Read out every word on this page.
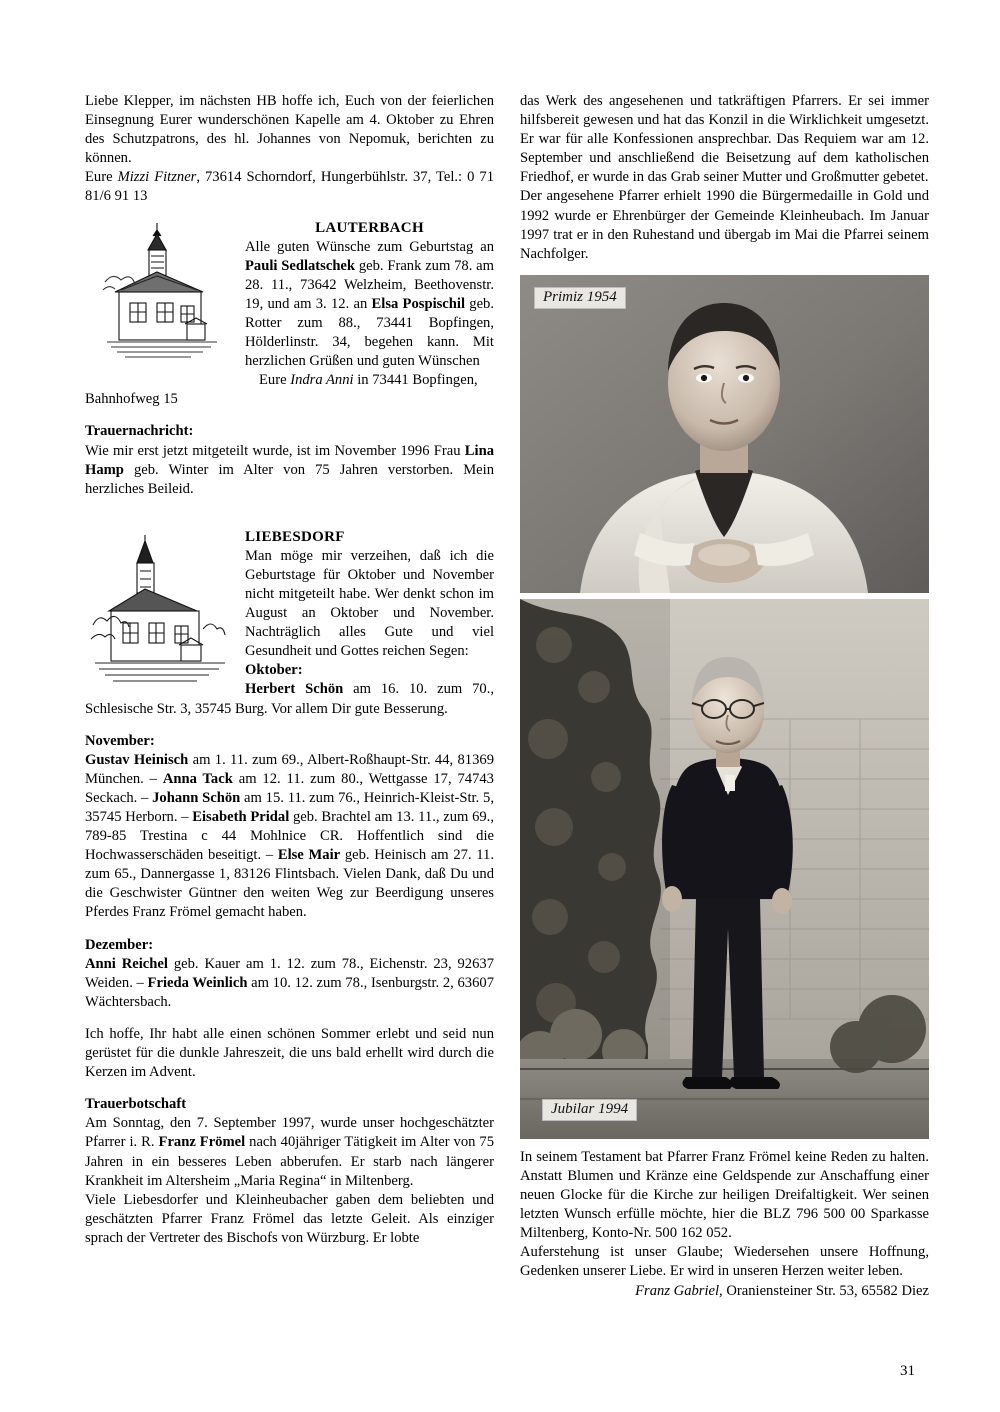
Liebe Klepper, im nächsten HB hoffe ich, Euch von der feierlichen Einsegnung Eurer wunderschönen Kapelle am 4. Oktober zu Ehren des Schutzpatrons, des hl. Johannes von Nepomuk, berichten zu können.

Eure Mizzi Fitzner, 73614 Schorndorf, Hungerbühlstr. 37, Tel.: 0 71 81/6 91 13

LAUTERBACH

Alle guten Wünsche zum Geburtstag an Pauli Sedlatschek geb. Frank zum 78. am 28. 11., 73642 Welzheim, Beethovenstr. 19, und am 3. 12. an Elsa Pospischil geb. Rotter zum 88., 73441 Bopfingen, Hölderlinstr. 34, begehen kann. Mit herzlichen Grüßen und guten Wünschen

Eure Indra Anni in 73441 Bopfingen,

Bahnhofweg 15

Trauernachricht:

Wie mir erst jetzt mitgeteilt wurde, ist im November 1996 Frau Lina Hamp geb. Winter im Alter von 75 Jahren verstorben. Mein herzliches Beileid.

LIEBESDORF

Man möge mir verzeihen, daß ich die Geburtstage für Oktober und November nicht mitgeteilt habe. Wer denkt schon im August an Oktober und November. Nachträglich alles Gute und viel Gesundheit und Gottes reichen Segen:

Oktober:

Herbert Schön am 16. 10. zum 70., Schlesische Str. 3, 35745 Burg. Vor allem Dir gute Besserung.

November:

Gustav Heinisch am 1. 11. zum 69., Albert-Roßhaupt-Str. 44, 81369 München. – Anna Tack am 12. 11. zum 80., Wettgasse 17, 74743 Seckach. – Johann Schön am 15. 11. zum 76., Heinrich-Kleist-Str. 5, 35745 Herborn. – Eisabeth Pridal geb. Brachtel am 13. 11., zum 69., 789-85 Trestina c 44 Mohlnice CR. Hoffentlich sind die Hochwasserschäden beseitigt. – Else Mair geb. Heinisch am 27. 11. zum 65., Dannergasse 1, 83126 Flintsbach. Vielen Dank, daß Du und die Geschwister Güntner den weiten Weg zur Beerdigung unseres Pferdes Franz Frömel gemacht haben.

Dezember:

Anni Reichel geb. Kauer am 1. 12. zum 78., Eichenstr. 23, 92637 Weiden. – Frieda Weinlich am 10. 12. zum 78., Isenburgstr. 2, 63607 Wächtersbach.

Ich hoffe, Ihr habt alle einen schönen Sommer erlebt und seid nun gerüstet für die dunkle Jahreszeit, die uns bald erhellt wird durch die Kerzen im Advent.

Trauerbotschaft

Am Sonntag, den 7. September 1997, wurde unser hochgeschätzter Pfarrer i. R. Franz Frömel nach 40jähriger Tätigkeit im Alter von 75 Jahren in ein besseres Leben abberufen. Er starb nach längerer Krankheit im Altersheim „Maria Regina“ in Miltenberg.

Viele Liebesdorfer und Kleinheubacher gaben dem beliebten und geschätzten Pfarrer Franz Frömel das letzte Geleit. Als einziger sprach der Vertreter des Bischofs von Würzburg. Er lobte

das Werk des angesehenen und tatkräftigen Pfarrers. Er sei immer hilfsbereit gewesen und hat das Konzil in die Wirklichkeit umgesetzt. Er war für alle Konfessionen ansprechbar. Das Requiem war am 12. September und anschließend die Beisetzung auf dem katholischen Friedhof, er wurde in das Grab seiner Mutter und Großmutter gebetet.

Der angesehene Pfarrer erhielt 1990 die Bürgermedaille in Gold und 1992 wurde er Ehrenbürger der Gemeinde Kleinheubach. Im Januar 1997 trat er in den Ruhestand und übergab im Mai die Pfarrei seinem Nachfolger.

Primiz 1954
Jubilar 1994

In seinem Testament bat Pfarrer Franz Frömel keine Reden zu halten. Anstatt Blumen und Kränze eine Geldspende zur Anschaffung einer neuen Glocke für die Kirche zur heiligen Dreifaltigkeit. Wer seinen letzten Wunsch erfülle möchte, hier die BLZ 796 500 00 Sparkasse Miltenberg, Konto-Nr. 500 162 052.

Auferstehung ist unser Glaube; Wiedersehen unsere Hoffnung, Gedenken unserer Liebe. Er wird in unseren Herzen weiter leben.

Franz Gabriel, Oraniensteiner Str. 53, 65582 Diez

31
